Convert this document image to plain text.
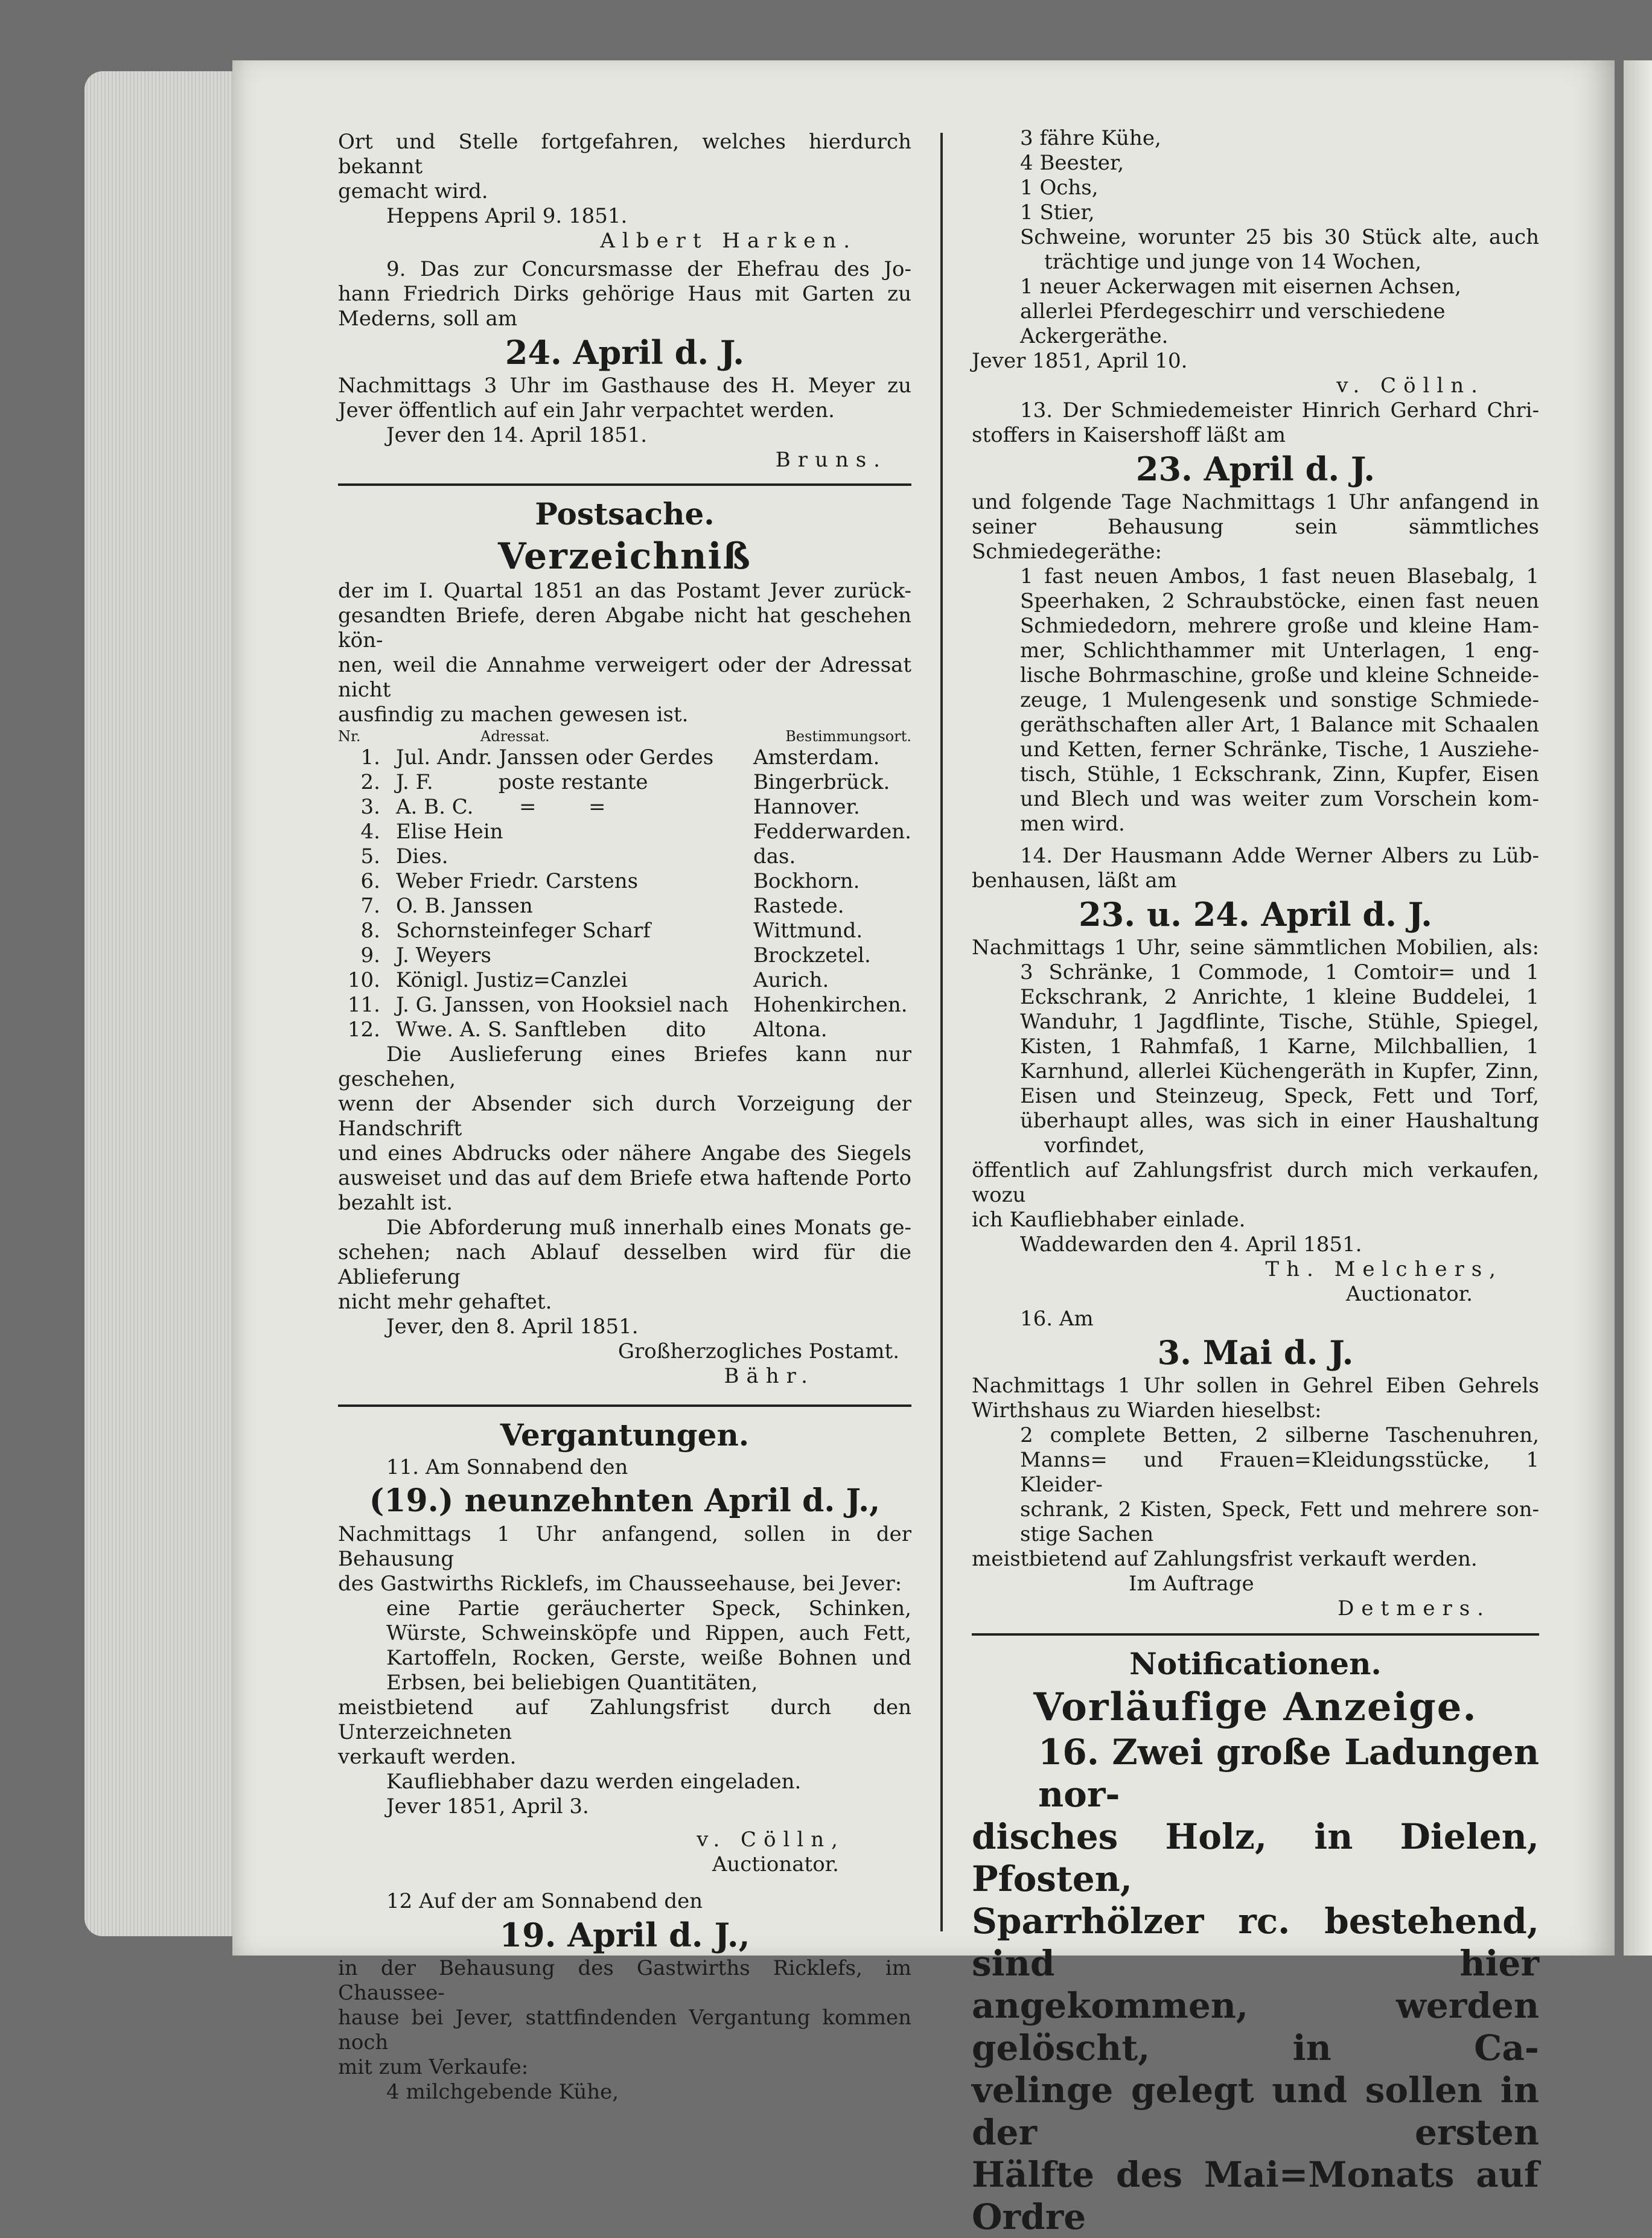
Ort und Stelle fortgefahren, welches hierdurch bekannt

gemacht wird.

Heppens April 9. 1851.

Albert Harken.

9. Das zur Concursmasse der Ehefrau des Jo-

hann Friedrich Dirks gehörige Haus mit Garten zu

Mederns, soll am

24. April d. J.

Nachmittags 3 Uhr im Gasthause des H. Meyer zu

Jever öffentlich auf ein Jahr verpachtet werden.

Jever den 14. April 1851.

Bruns.

Postsache.

Verzeichniß

der im I. Quartal 1851 an das Postamt Jever zurück-

gesandten Briefe, deren Abgabe nicht hat geschehen kön-

nen, weil die Annahme verweigert oder der Adressat nicht

ausfindig zu machen gewesen ist.

Nr.	Adressat.	Bestimmungsort.
1.	Jul. Andr. Janssen oder Gerdes	Amsterdam.
2.	J. F.          poste restante	Bingerbrück.
3.	A. B. C.       =        =	Hannover.
4.	Elise Hein	Fedderwarden.
5.	Dies.	das.
6.	Weber Friedr. Carstens	Bockhorn.
7.	O. B. Janssen	Rastede.
8.	Schornsteinfeger Scharf	Wittmund.
9.	J. Weyers	Brockzetel.
10.	Königl. Justiz=Canzlei	Aurich.
11.	J. G. Janssen, von Hooksiel nach	Hohenkirchen.
12.	Wwe. A. S. Sanftleben      dito	Altona.

Die Auslieferung eines Briefes kann nur geschehen,

wenn der Absender sich durch Vorzeigung der Handschrift

und eines Abdrucks oder nähere Angabe des Siegels

ausweiset und das auf dem Briefe etwa haftende Porto

bezahlt ist.

Die Abforderung muß innerhalb eines Monats ge-

schehen; nach Ablauf desselben wird für die Ablieferung

nicht mehr gehaftet.

Jever, den 8. April 1851.

Großherzogliches Postamt.

Bähr.

Vergantungen.

11. Am Sonnabend den

(19.) neunzehnten April d. J.,

Nachmittags 1 Uhr anfangend, sollen in der Behausung

des Gastwirths Ricklefs, im Chausseehause, bei Jever:

eine Partie geräucherter Speck, Schinken,

Würste, Schweinsköpfe und Rippen, auch Fett,

Kartoffeln, Rocken, Gerste, weiße Bohnen und

Erbsen, bei beliebigen Quantitäten,

meistbietend auf Zahlungsfrist durch den Unterzeichneten

verkauft werden.

Kaufliebhaber dazu werden eingeladen.

Jever 1851, April 3.

v. Cölln,

Auctionator.

12 Auf der am Sonnabend den

19. April d. J.,

in der Behausung des Gastwirths Ricklefs, im Chaussee-

hause bei Jever, stattfindenden Vergantung kommen noch

mit zum Verkaufe:

4 milchgebende Kühe,

3 fähre Kühe,

4 Beester,

1 Ochs,

1 Stier,

Schweine, worunter 25 bis 30 Stück alte, auch

trächtige und junge von 14 Wochen,

1 neuer Ackerwagen mit eisernen Achsen,

allerlei Pferdegeschirr und verschiedene Ackergeräthe.

Jever 1851, April 10.

v. Cölln.

13. Der Schmiedemeister Hinrich Gerhard Chri-

stoffers in Kaisershoff läßt am

23. April d. J.

und folgende Tage Nachmittags 1 Uhr anfangend in

seiner Behausung sein sämmtliches Schmiedegeräthe:

1 fast neuen Ambos, 1 fast neuen Blasebalg, 1

Speerhaken, 2 Schraubstöcke, einen fast neuen

Schmiededorn, mehrere große und kleine Ham-

mer, Schlichthammer mit Unterlagen, 1 eng-

lische Bohrmaschine, große und kleine Schneide-

zeuge, 1 Mulengesenk und sonstige Schmiede-

geräthschaften aller Art, 1 Balance mit Schaalen

und Ketten, ferner Schränke, Tische, 1 Ausziehe-

tisch, Stühle, 1 Eckschrank, Zinn, Kupfer, Eisen

und Blech und was weiter zum Vorschein kom-

men wird.

14. Der Hausmann Adde Werner Albers zu Lüb-

benhausen, läßt am

23. u. 24. April d. J.

Nachmittags 1 Uhr, seine sämmtlichen Mobilien, als:

3 Schränke, 1 Commode, 1 Comtoir= und 1

Eckschrank, 2 Anrichte, 1 kleine Buddelei, 1

Wanduhr, 1 Jagdflinte, Tische, Stühle, Spiegel,

Kisten, 1 Rahmfaß, 1 Karne, Milchballien, 1

Karnhund, allerlei Küchengeräth in Kupfer, Zinn,

Eisen und Steinzeug, Speck, Fett und Torf,

überhaupt alles, was sich in einer Haushaltung

vorfindet,

öffentlich auf Zahlungsfrist durch mich verkaufen, wozu

ich Kaufliebhaber einlade.

Waddewarden den 4. April 1851.

Th. Melchers,

Auctionator.

16. Am

3. Mai d. J.

Nachmittags 1 Uhr sollen in Gehrel Eiben Gehrels

Wirthshaus zu Wiarden hieselbst:

2 complete Betten, 2 silberne Taschenuhren,

Manns= und Frauen=Kleidungsstücke, 1 Kleider-

schrank, 2 Kisten, Speck, Fett und mehrere son-

stige Sachen

meistbietend auf Zahlungsfrist verkauft werden.

Im Auftrage

Detmers.

Notificationen.

Vorläufige Anzeige.

16. Zwei große Ladungen nor-

disches Holz, in Dielen, Pfosten,

Sparrhölzer rc. bestehend, sind hier

angekommen, werden gelöscht, in Ca-

velinge gelegt und sollen in der ersten

Hälfte des Mai=Monats auf Ordre
